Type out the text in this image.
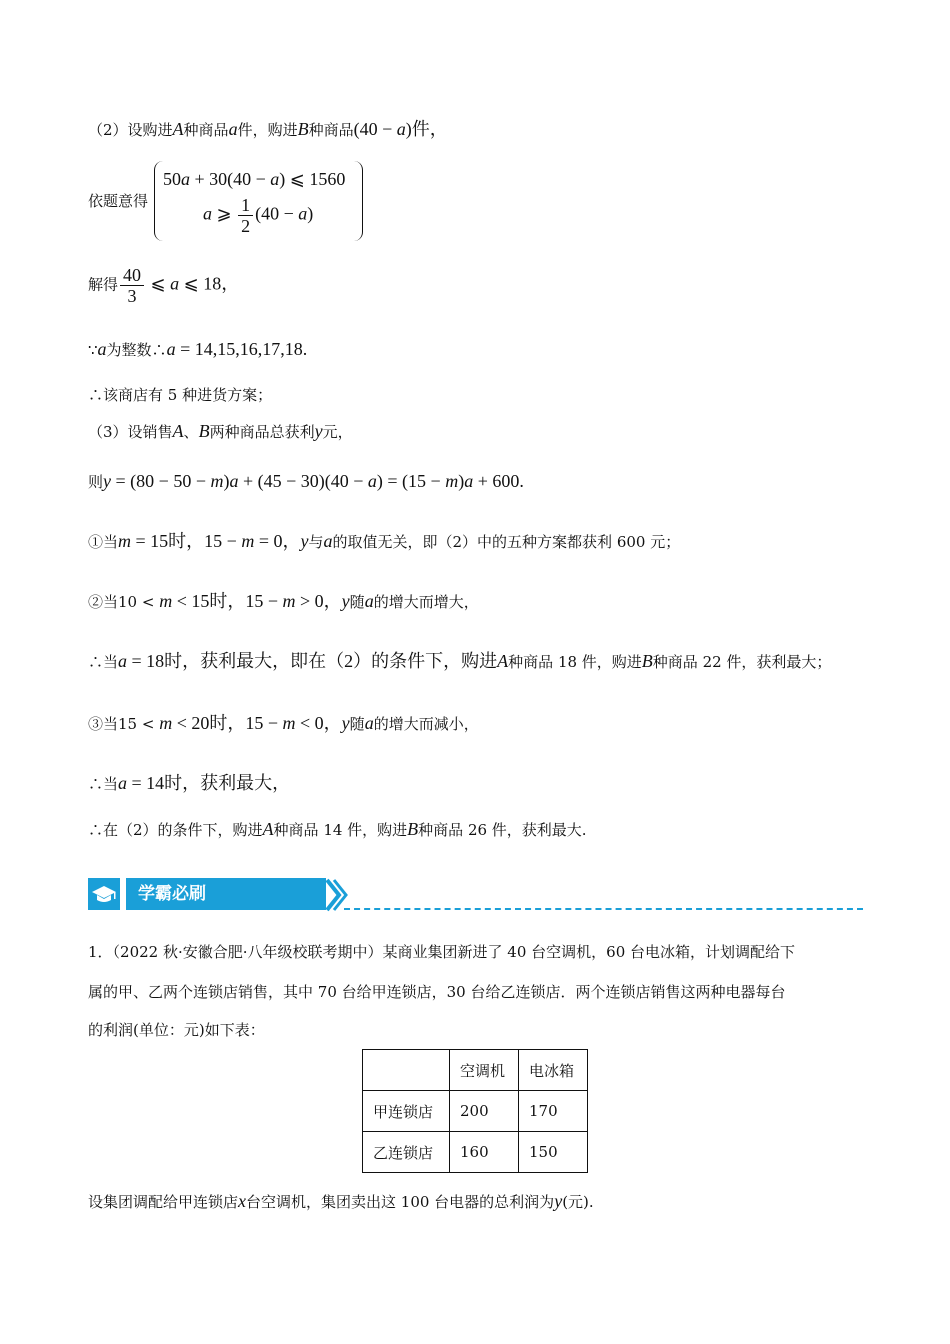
（2）设购进A种商品a件，购进B种商品(40 − a)件，
依题意得
50a + 30(40 − a) ⩽ 1560
a ⩾ $\frac{1}{2} (40 - a)$
解得 $\frac{40}{3}$ ⩽ a ⩽ 18，
∵a为整数∴a = 14,15,16,17,18.
∴该商店有 5 种进货方案；
（3）设销售A、B两种商品总获利y元，
则y = (80 − 50 − m)a + (45 − 30)(40 − a) = (15 − m)a + 600.
①当m = 15时，15 − m = 0，y与a的取值无关，即（2）中的五种方案都获利 600 元；
②当10 < m < 15时，15 − m > 0，y随a的增大而增大，
∴当a = 18时，获利最大，即在（2）的条件下，购进A种商品 18 件，购进B种商品 22 件，获利最大；
③当15 < m < 20时，15 − m < 0，y随a的增大而减小，
∴当a = 14时，获利最大，
∴在（2）的条件下，购进A种商品 14 件，购进B种商品 26 件，获利最大.
学霸必刷
1．（2022 秋·安徽合肥·八年级校联考期中）某商业集团新进了 40 台空调机，60 台电冰箱，计划调配给下
属的甲、乙两个连锁店销售，其中 70 台给甲连锁店，30 台给乙连锁店．两个连锁店销售这两种电器每台
的利润(单位：元)如下表：
	空调机	电冰箱
甲连锁店	200	170
乙连锁店	160	150
设集团调配给甲连锁店x台空调机，集团卖出这 100 台电器的总利润为y(元).
